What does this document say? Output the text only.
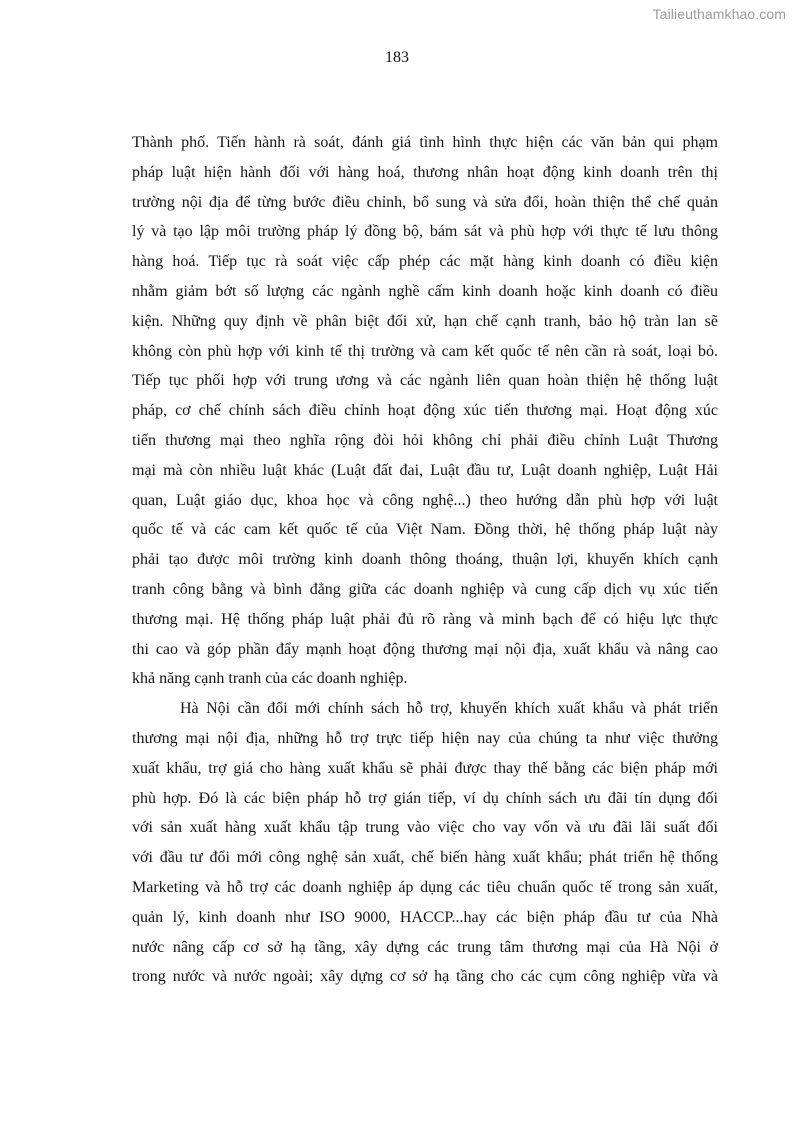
Tailieuthamkhao.com
183
Thành phố. Tiến hành rà soát, đánh giá tình hình thực hiện các văn bản qui phạm
pháp luật hiện hành đối với hàng hoá, thương nhân hoạt động kinh doanh trên thị
trường nội địa để từng bước điều chỉnh, bổ sung và sửa đổi, hoàn thiện thể chế quản
lý và tạo lập môi trường pháp lý đồng bộ, bám sát và phù hợp với thực tế lưu thông
hàng hoá. Tiếp tục rà soát việc cấp phép các mặt hàng kinh doanh có điều kiện
nhằm giảm bớt số lượng các ngành nghề cấm kinh doanh hoặc kinh doanh có điều
kiện. Những quy định về phân biệt đối xử, hạn chế cạnh tranh, bảo hộ tràn lan sẽ
không còn phù hợp với kinh tế thị trường và cam kết quốc tế nên cần rà soát, loại bỏ.
Tiếp tục phối hợp với trung ương và các ngành liên quan hoàn thiện hệ thống luật
pháp, cơ chế chính sách điều chỉnh hoạt động xúc tiến thương mại. Hoạt động xúc
tiến thương mại theo nghĩa rộng đòi hỏi không chỉ phải điều chỉnh Luật Thương
mại mà còn nhiều luật khác (Luật đất đai, Luật đầu tư, Luật doanh nghiệp, Luật Hải
quan, Luật giáo dục, khoa học và công nghệ...) theo hướng dẫn phù hợp với luật
quốc tế và các cam kết quốc tế của Việt Nam. Đồng thời, hệ thống pháp luật này
phải tạo được môi trường kinh doanh thông thoáng, thuận lợi, khuyến khích cạnh
tranh công bằng và bình đẳng giữa các doanh nghiệp và cung cấp dịch vụ xúc tiến
thương mại. Hệ thống pháp luật phải đủ rõ ràng và minh bạch để có hiệu lực thực
thi cao và góp phần đẩy mạnh hoạt động thương mại nội địa, xuất khẩu và nâng cao
khả năng cạnh tranh của các doanh nghiệp.
Hà Nội cần đổi mới chính sách hỗ trợ, khuyến khích xuất khẩu và phát triển
thương mại nội địa, những hỗ trợ trực tiếp hiện nay của chúng ta như việc thưởng
xuất khẩu, trợ giá cho hàng xuất khẩu sẽ phải được thay thế bằng các biện pháp mới
phù hợp. Đó là các biện pháp hỗ trợ gián tiếp, ví dụ chính sách ưu đãi tín dụng đối
với sản xuất hàng xuất khẩu tập trung vào việc cho vay vốn và ưu đãi lãi suất đối
với đầu tư đổi mới công nghệ sản xuất, chế biến hàng xuất khẩu; phát triển hệ thống
Marketing và hỗ trợ các doanh nghiệp áp dụng các tiêu chuẩn quốc tế trong sản xuất,
quản lý, kinh doanh như ISO 9000, HACCP...hay các biện pháp đầu tư của Nhà
nước nâng cấp cơ sở hạ tầng, xây dựng các trung tâm thương mại của Hà Nội ở
trong nước và nước ngoài; xây dựng cơ sở hạ tầng cho các cụm công nghiệp vừa và
